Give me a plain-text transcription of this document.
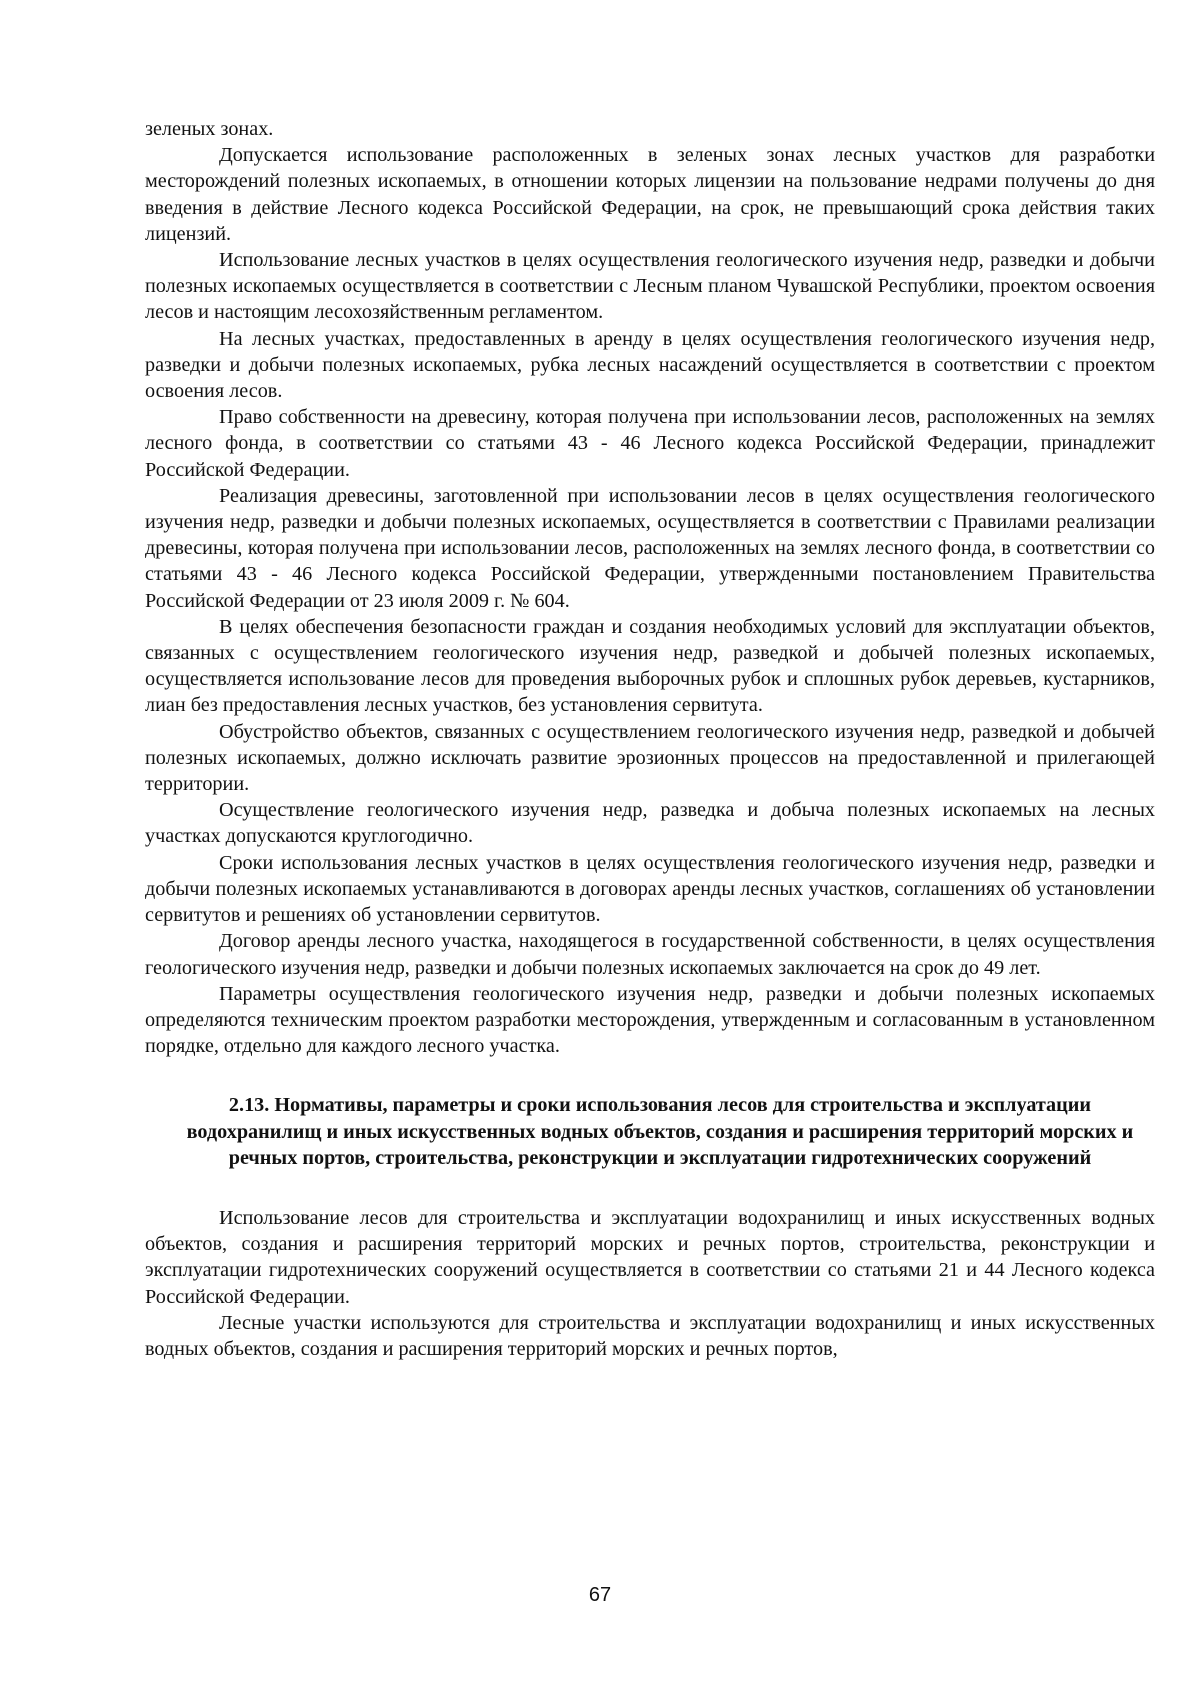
зеленых зонах.

Допускается использование расположенных в зеленых зонах лесных участков для разработки месторождений полезных ископаемых, в отношении которых лицензии на пользование недрами получены до дня введения в действие Лесного кодекса Российской Федерации, на срок, не превышающий срока действия таких лицензий.

Использование лесных участков в целях осуществления геологического изучения недр, разведки и добычи полезных ископаемых осуществляется в соответствии с Лесным планом Чувашской Республики, проектом освоения лесов и настоящим лесохозяйственным регламентом.

На лесных участках, предоставленных в аренду в целях осуществления геологического изучения недр, разведки и добычи полезных ископаемых, рубка лесных насаждений осуществляется в соответствии с проектом освоения лесов.

Право собственности на древесину, которая получена при использовании лесов, расположенных на землях лесного фонда, в соответствии со статьями 43 - 46 Лесного кодекса Российской Федерации, принадлежит Российской Федерации.

Реализация древесины, заготовленной при использовании лесов в целях осуществления геологического изучения недр, разведки и добычи полезных ископаемых, осуществляется в соответствии с Правилами реализации древесины, которая получена при использовании лесов, расположенных на землях лесного фонда, в соответствии со статьями 43 - 46 Лесного кодекса Российской Федерации, утвержденными постановлением Правительства Российской Федерации от 23 июля 2009 г. № 604.

В целях обеспечения безопасности граждан и создания необходимых условий для эксплуатации объектов, связанных с осуществлением геологического изучения недр, разведкой и добычей полезных ископаемых, осуществляется использование лесов для проведения выборочных рубок и сплошных рубок деревьев, кустарников, лиан без предоставления лесных участков, без установления сервитута.

Обустройство объектов, связанных с осуществлением геологического изучения недр, разведкой и добычей полезных ископаемых, должно исключать развитие эрозионных процессов на предоставленной и прилегающей территории.

Осуществление геологического изучения недр, разведка и добыча полезных ископаемых на лесных участках допускаются круглогодично.

Сроки использования лесных участков в целях осуществления геологического изучения недр, разведки и добычи полезных ископаемых устанавливаются в договорах аренды лесных участков, соглашениях об установлении сервитутов и решениях об установлении сервитутов.

Договор аренды лесного участка, находящегося в государственной собственности, в целях осуществления геологического изучения недр, разведки и добычи полезных ископаемых заключается на срок до 49 лет.

Параметры осуществления геологического изучения недр, разведки и добычи полезных ископаемых определяются техническим проектом разработки месторождения, утвержденным и согласованным в установленном порядке, отдельно для каждого лесного участка.

2.13. Нормативы, параметры и сроки использования лесов для строительства и эксплуатации водохранилищ и иных искусственных водных объектов, создания и расширения территорий морских и речных портов, строительства, реконструкции и эксплуатации гидротехнических сооружений

Использование лесов для строительства и эксплуатации водохранилищ и иных искусственных водных объектов, создания и расширения территорий морских и речных портов, строительства, реконструкции и эксплуатации гидротехнических сооружений осуществляется в соответствии со статьями 21 и 44 Лесного кодекса Российской Федерации.

Лесные участки используются для строительства и эксплуатации водохранилищ и иных искусственных водных объектов, создания и расширения территорий морских и речных портов,

67
